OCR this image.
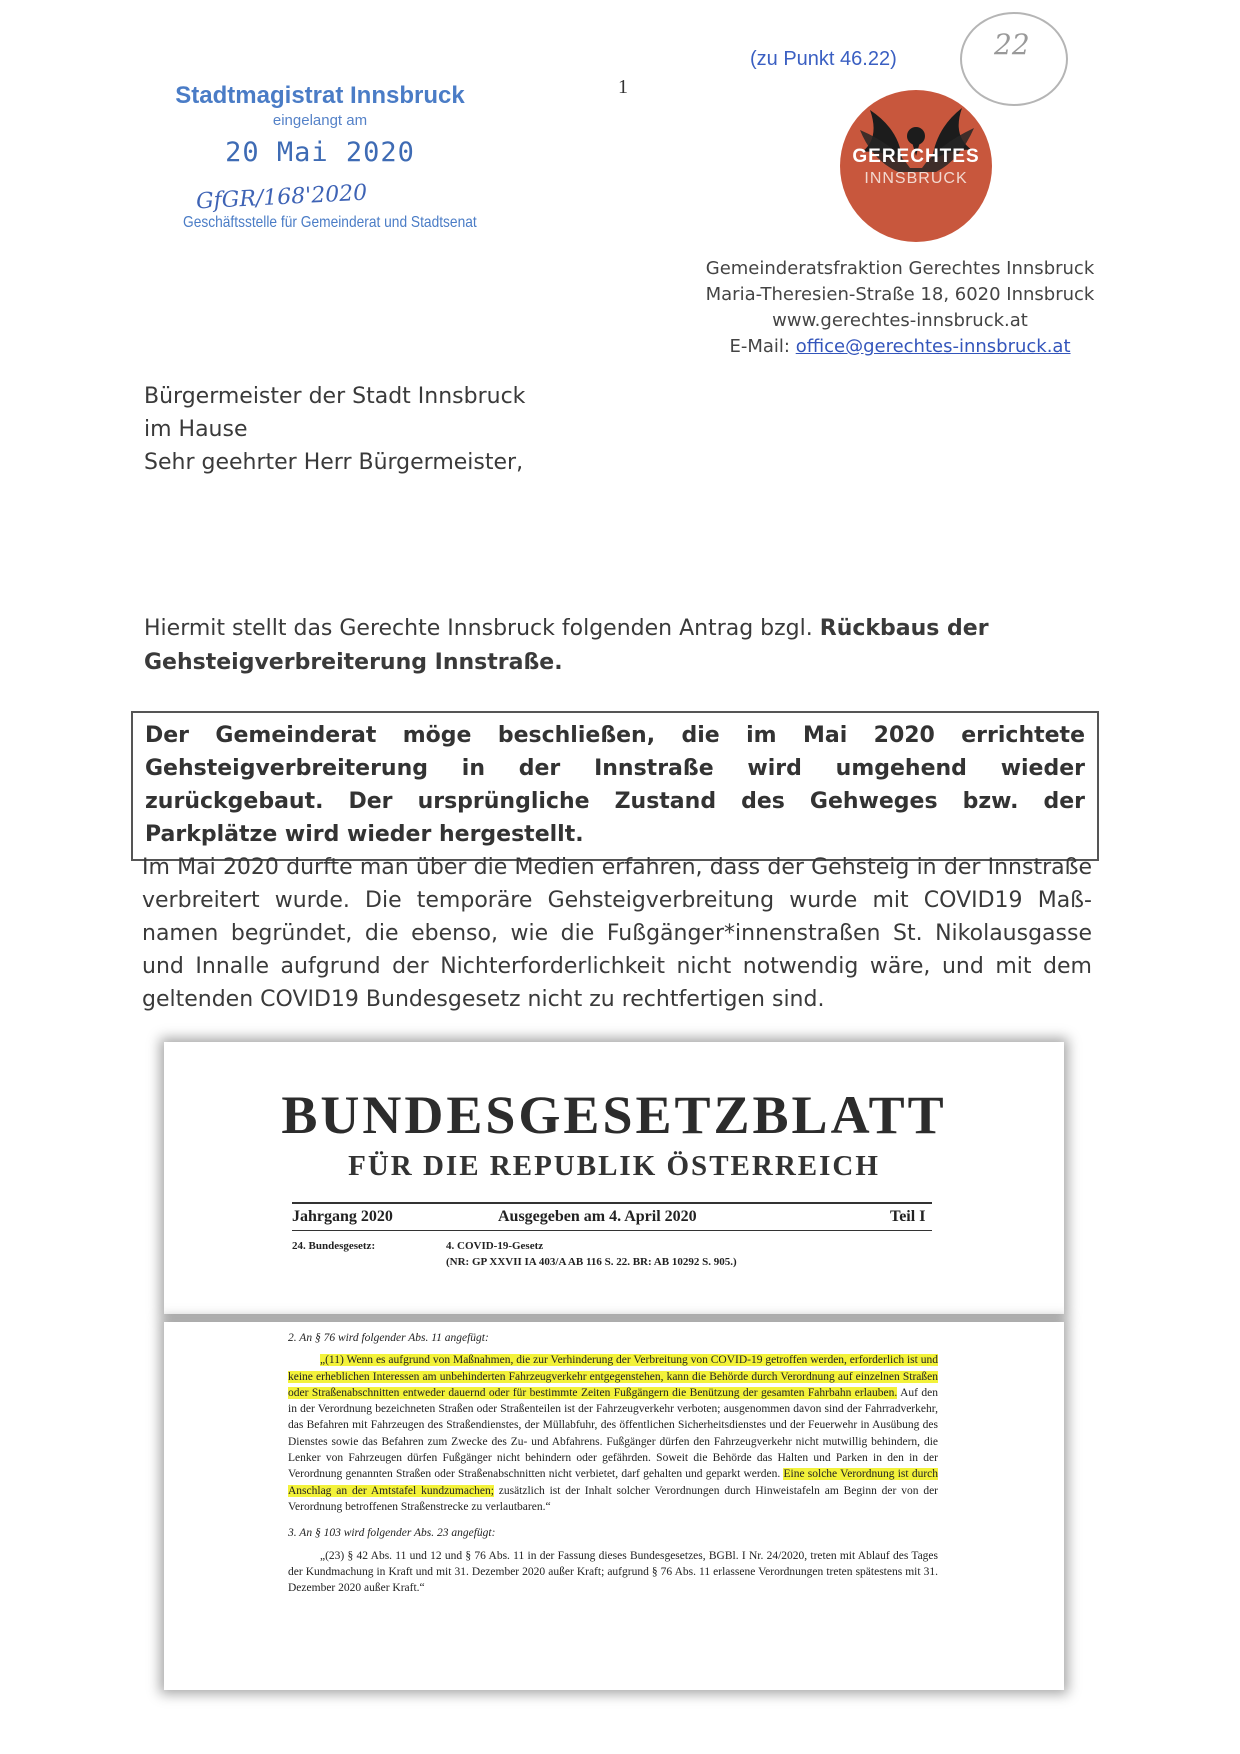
Stadtmagistrat Innsbruck
eingelangt am
20 Mai 2020
GfGR/168'2020
Geschäftsstelle für Gemeinderat und Stadtsenat
1
(zu Punkt 46.22)	22
GERECHTES
INNSBRUCK
Gemeinderatsfraktion Gerechtes Innsbruck
Maria-Theresien-Straße 18, 6020 Innsbruck
www.gerechtes-innsbruck.at
E-Mail: office@gerechtes-innsbruck.at
Bürgermeister der Stadt Innsbruck
im Hause
Sehr geehrter Herr Bürgermeister,
Hiermit stellt das Gerechte Innsbruck folgenden Antrag bzgl. Rückbaus der Gehsteigverbreiterung Innstraße.
Der Gemeinderat möge beschließen, die im Mai 2020 errichtete Gehsteigverbreiterung in der Innstraße wird umgehend wieder zurückgebaut. Der ursprüngliche Zustand des Gehweges bzw. der Parkplätze wird wieder hergestellt.
Im Mai 2020 durfte man über die Medien erfahren, dass der Gehsteig in der Innstraße verbreitert wurde. Die temporäre Gehsteigverbreitung wurde mit COVID19 Maßnamen begründet, die ebenso, wie die Fußgänger*innenstraßen St. Nikolausgasse und Innalle aufgrund der Nichterforderlichkeit nicht notwendig wäre, und mit dem geltenden COVID19 Bundesgesetz nicht zu rechtfertigen sind.
BUNDESGESETZBLATT
FÜR DIE REPUBLIK ÖSTERREICH
Jahrgang 2020	Ausgegeben am 4. April 2020	Teil I
24. Bundesgesetz:	4. COVID-19-Gesetz
(NR: GP XXVII IA 403/A AB 116 S. 22. BR: AB 10292 S. 905.)

2. An § 76 wird folgender Abs. 11 angefügt:

„(11) Wenn es aufgrund von Maßnahmen, die zur Verhinderung der Verbreitung von COVID-19 getroffen werden, erforderlich ist und keine erheblichen Interessen am unbehinderten Fahrzeugverkehr entgegenstehen, kann die Behörde durch Verordnung auf einzelnen Straßen oder Straßenabschnitten entweder dauernd oder für bestimmte Zeiten Fußgängern die Benützung der gesamten Fahrbahn erlauben. Auf den in der Verordnung bezeichneten Straßen oder Straßenteilen ist der Fahrzeugverkehr verboten; ausgenommen davon sind der Fahrradverkehr, das Befahren mit Fahrzeugen des Straßendienstes, der Müllabfuhr, des öffentlichen Sicherheitsdienstes und der Feuerwehr in Ausübung des Dienstes sowie das Befahren zum Zwecke des Zu- und Abfahrens. Fußgänger dürfen den Fahrzeugverkehr nicht mutwillig behindern, die Lenker von Fahrzeugen dürfen Fußgänger nicht behindern oder gefährden. Soweit die Behörde das Halten und Parken in den in der Verordnung genannten Straßen oder Straßenabschnitten nicht verbietet, darf gehalten und geparkt werden. Eine solche Verordnung ist durch Anschlag an der Amtstafel kundzumachen; zusätzlich ist der Inhalt solcher Verordnungen durch Hinweistafeln am Beginn der von der Verordnung betroffenen Straßenstrecke zu verlautbaren.“

3. An § 103 wird folgender Abs. 23 angefügt:

„(23) § 42 Abs. 11 und 12 und § 76 Abs. 11 in der Fassung dieses Bundesgesetzes, BGBl. I Nr. 24/2020, treten mit Ablauf des Tages der Kundmachung in Kraft und mit 31. Dezember 2020 außer Kraft; aufgrund § 76 Abs. 11 erlassene Verordnungen treten spätestens mit 31. Dezember 2020 außer Kraft.“
